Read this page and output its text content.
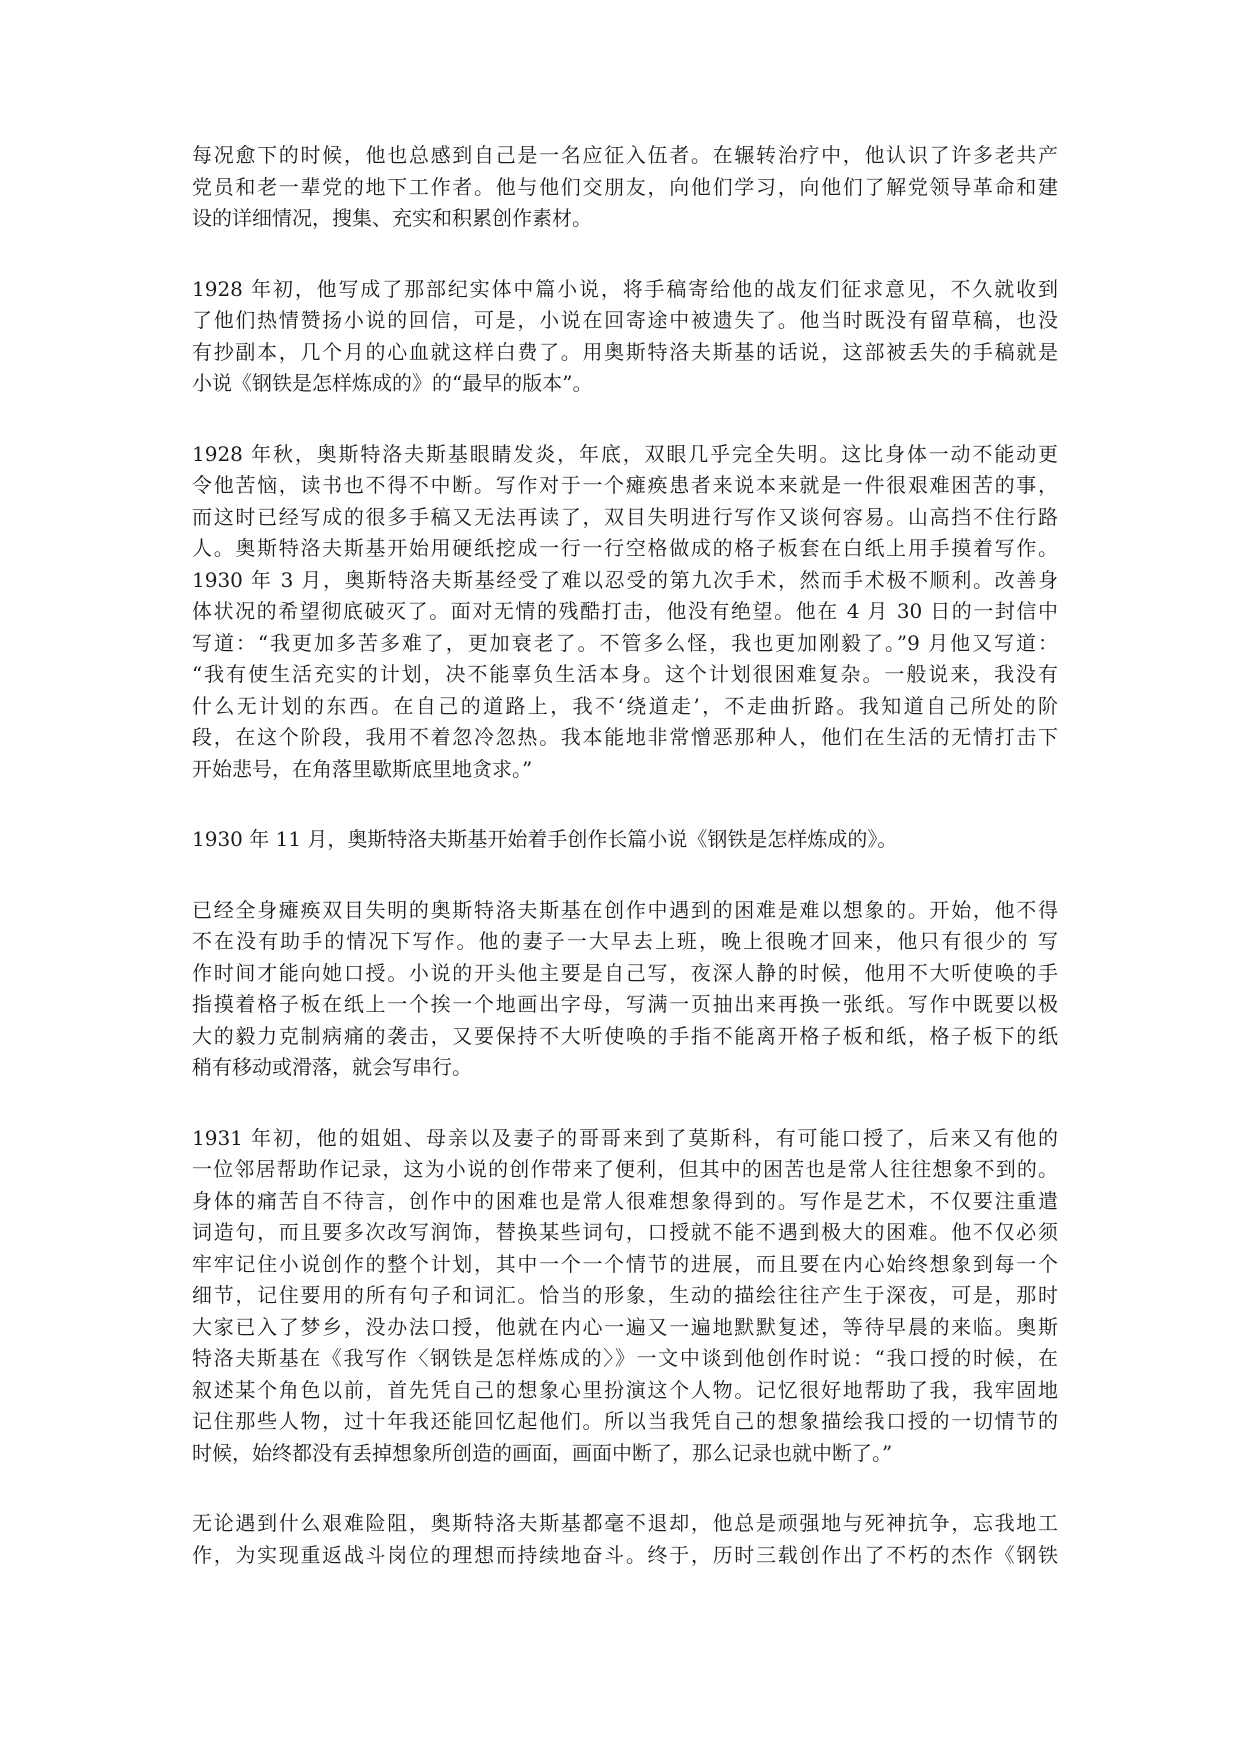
每况愈下的时候，他也总感到自己是一名应征入伍者。在辗转治疗中，他认识了许多老共产
党员和老一辈党的地下工作者。他与他们交朋友，向他们学习，向他们了解党领导革命和建
设的详细情况，搜集、充实和积累创作素材。
1928 年初，他写成了那部纪实体中篇小说，将手稿寄给他的战友们征求意见，不久就收到
了他们热情赞扬小说的回信，可是，小说在回寄途中被遗失了。他当时既没有留草稿，也没
有抄副本，几个月的心血就这样白费了。用奥斯特洛夫斯基的话说，这部被丢失的手稿就是
小说《钢铁是怎样炼成的》的“最早的版本”。
1928 年秋，奥斯特洛夫斯基眼睛发炎，年底，双眼几乎完全失明。这比身体一动不能动更
令他苦恼，读书也不得不中断。写作对于一个瘫痪患者来说本来就是一件很艰难困苦的事，
而这时已经写成的很多手稿又无法再读了，双目失明进行写作又谈何容易。山高挡不住行路
人。奥斯特洛夫斯基开始用硬纸挖成一行一行空格做成的格子板套在白纸上用手摸着写作。
1930 年 3 月，奥斯特洛夫斯基经受了难以忍受的第九次手术，然而手术极不顺利。改善身
体状况的希望彻底破灭了。面对无情的残酷打击，他没有绝望。他在 4 月 30 日的一封信中
写道：“我更加多苦多难了，更加衰老了。不管多么怪，我也更加刚毅了。”9 月他又写道：
“我有使生活充实的计划，决不能辜负生活本身。这个计划很困难复杂。一般说来，我没有
什么无计划的东西。在自己的道路上，我不‘绕道走’，不走曲折路。我知道自己所处的阶
段，在这个阶段，我用不着忽冷忽热。我本能地非常憎恶那种人，他们在生活的无情打击下
开始悲号，在角落里歇斯底里地贪求。”
1930 年 11 月，奥斯特洛夫斯基开始着手创作长篇小说《钢铁是怎样炼成的》。
已经全身瘫痪双目失明的奥斯特洛夫斯基在创作中遇到的困难是难以想象的。开始，他不得
不在没有助手的情况下写作。他的妻子一大早去上班，晚上很晚才回来，他只有很少的 写
作时间才能向她口授。小说的开头他主要是自己写，夜深人静的时候，他用不大听使唤的手
指摸着格子板在纸上一个挨一个地画出字母，写满一页抽出来再换一张纸。写作中既要以极
大的毅力克制病痛的袭击，又要保持不大听使唤的手指不能离开格子板和纸，格子板下的纸
稍有移动或滑落，就会写串行。
1931 年初，他的姐姐、母亲以及妻子的哥哥来到了莫斯科，有可能口授了，后来又有他的
一位邻居帮助作记录，这为小说的创作带来了便利，但其中的困苦也是常人往往想象不到的。
身体的痛苦自不待言，创作中的困难也是常人很难想象得到的。写作是艺术，不仅要注重遣
词造句，而且要多次改写润饰，替换某些词句，口授就不能不遇到极大的困难。他不仅必须
牢牢记住小说创作的整个计划，其中一个一个情节的进展，而且要在内心始终想象到每一个
细节，记住要用的所有句子和词汇。恰当的形象，生动的描绘往往产生于深夜，可是，那时
大家已入了梦乡，没办法口授，他就在内心一遍又一遍地默默复述，等待早晨的来临。奥斯
特洛夫斯基在《我写作〈钢铁是怎样炼成的〉》一文中谈到他创作时说：“我口授的时候，在
叙述某个角色以前，首先凭自己的想象心里扮演这个人物。记忆很好地帮助了我，我牢固地
记住那些人物，过十年我还能回忆起他们。所以当我凭自己的想象描绘我口授的一切情节的
时候，始终都没有丢掉想象所创造的画面，画面中断了，那么记录也就中断了。”
无论遇到什么艰难险阻，奥斯特洛夫斯基都毫不退却，他总是顽强地与死神抗争，忘我地工
作，为实现重返战斗岗位的理想而持续地奋斗。终于，历时三载创作出了不朽的杰作《钢铁
